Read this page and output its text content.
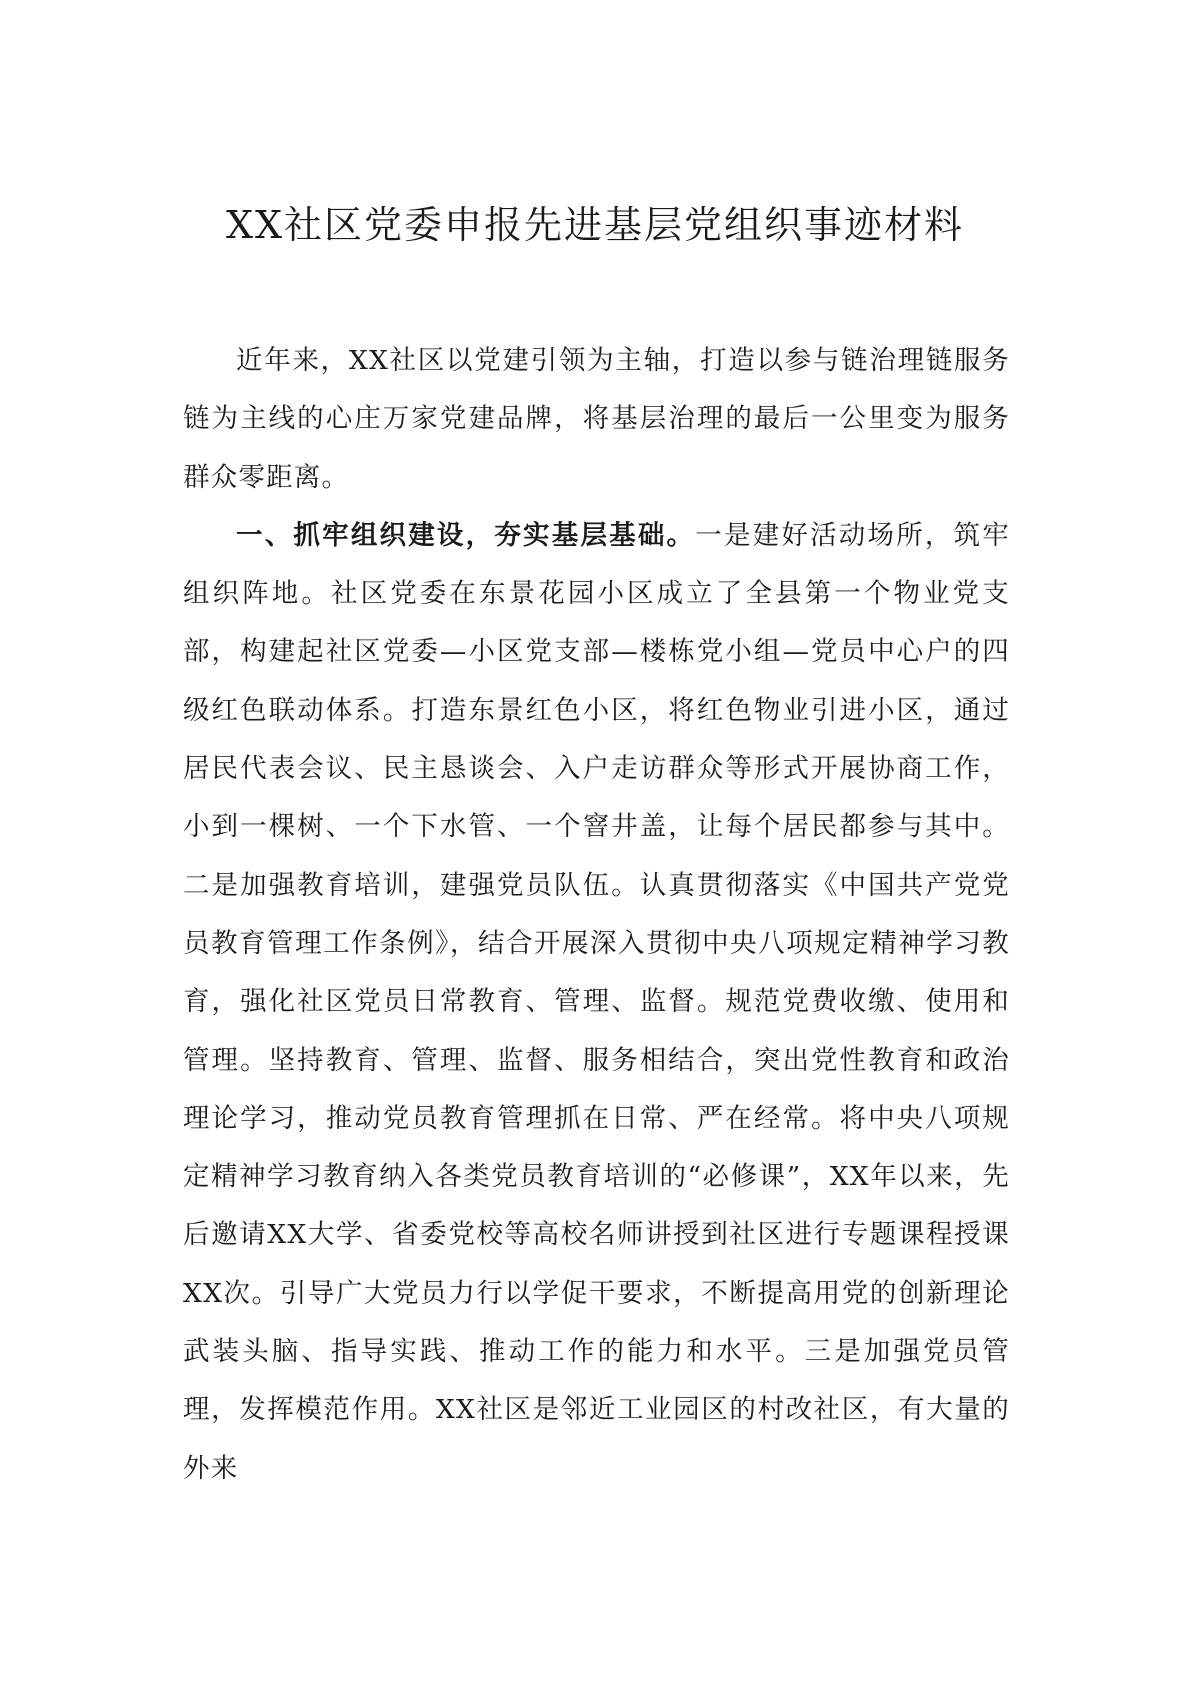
XX社区党委申报先进基层党组织事迹材料

近年来，XX社区以党建引领为主轴，打造以参与链治理链服务链为主线的心庄万家党建品牌，将基层治理的最后一公里变为服务群众零距离。

一、抓牢组织建设，夯实基层基础。一是建好活动场所，筑牢组织阵地。社区党委在东景花园小区成立了全县第一个物业党支部，构建起社区党委—小区党支部—楼栋党小组—党员中心户的四级红色联动体系。打造东景红色小区，将红色物业引进小区，通过居民代表会议、民主恳谈会、入户走访群众等形式开展协商工作，小到一棵树、一个下水管、一个窨井盖，让每个居民都参与其中。二是加强教育培训，建强党员队伍。认真贯彻落实《中国共产党党员教育管理工作条例》，结合开展深入贯彻中央八项规定精神学习教育，强化社区党员日常教育、管理、监督。规范党费收缴、使用和管理。坚持教育、管理、监督、服务相结合，突出党性教育和政治理论学习，推动党员教育管理抓在日常、严在经常。将中央八项规定精神学习教育纳入各类党员教育培训的“必修课”，XX年以来，先后邀请XX大学、省委党校等高校名师讲授到社区进行专题课程授课XX次。引导广大党员力行以学促干要求，不断提高用党的创新理论武装头脑、指导实践、推动工作的能力和水平。三是加强党员管理，发挥模范作用。XX社区是邻近工业园区的村改社区，有大量的外来
